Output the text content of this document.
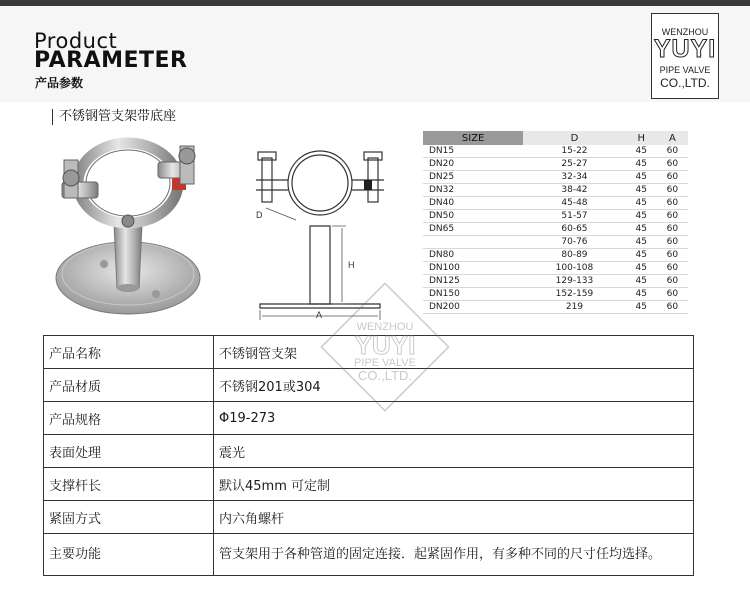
Product
PARAMETER
产品参数
WENZHOU
YUYI
PIPE VALVE
CO.,LTD.
不锈钢管支架带底座
H
A
D
SIZE	D	H	A
DN15	15-22	45	60
DN20	25-27	45	60
DN25	32-34	45	60
DN32	38-42	45	60
DN40	45-48	45	60
DN50	51-57	45	60
DN65	60-65	45	60
	70-76	45	60
DN80	80-89	45	60
DN100	100-108	45	60
DN125	129-133	45	60
DN150	152-159	45	60
DN200	219	45	60
产品名称	不锈钢管支架
产品材质	不锈钢201或304
产品规格	Φ19-273
表面处理	震光
支撑杆长	默认45mm 可定制
紧固方式	内六角螺杆
主要功能	管支架用于各种管道的固定连接．起紧固作用，有多种不同的尺寸任均选择。
WENZHOU
YUYI
PIPE VALVE
CO.,LTD.
